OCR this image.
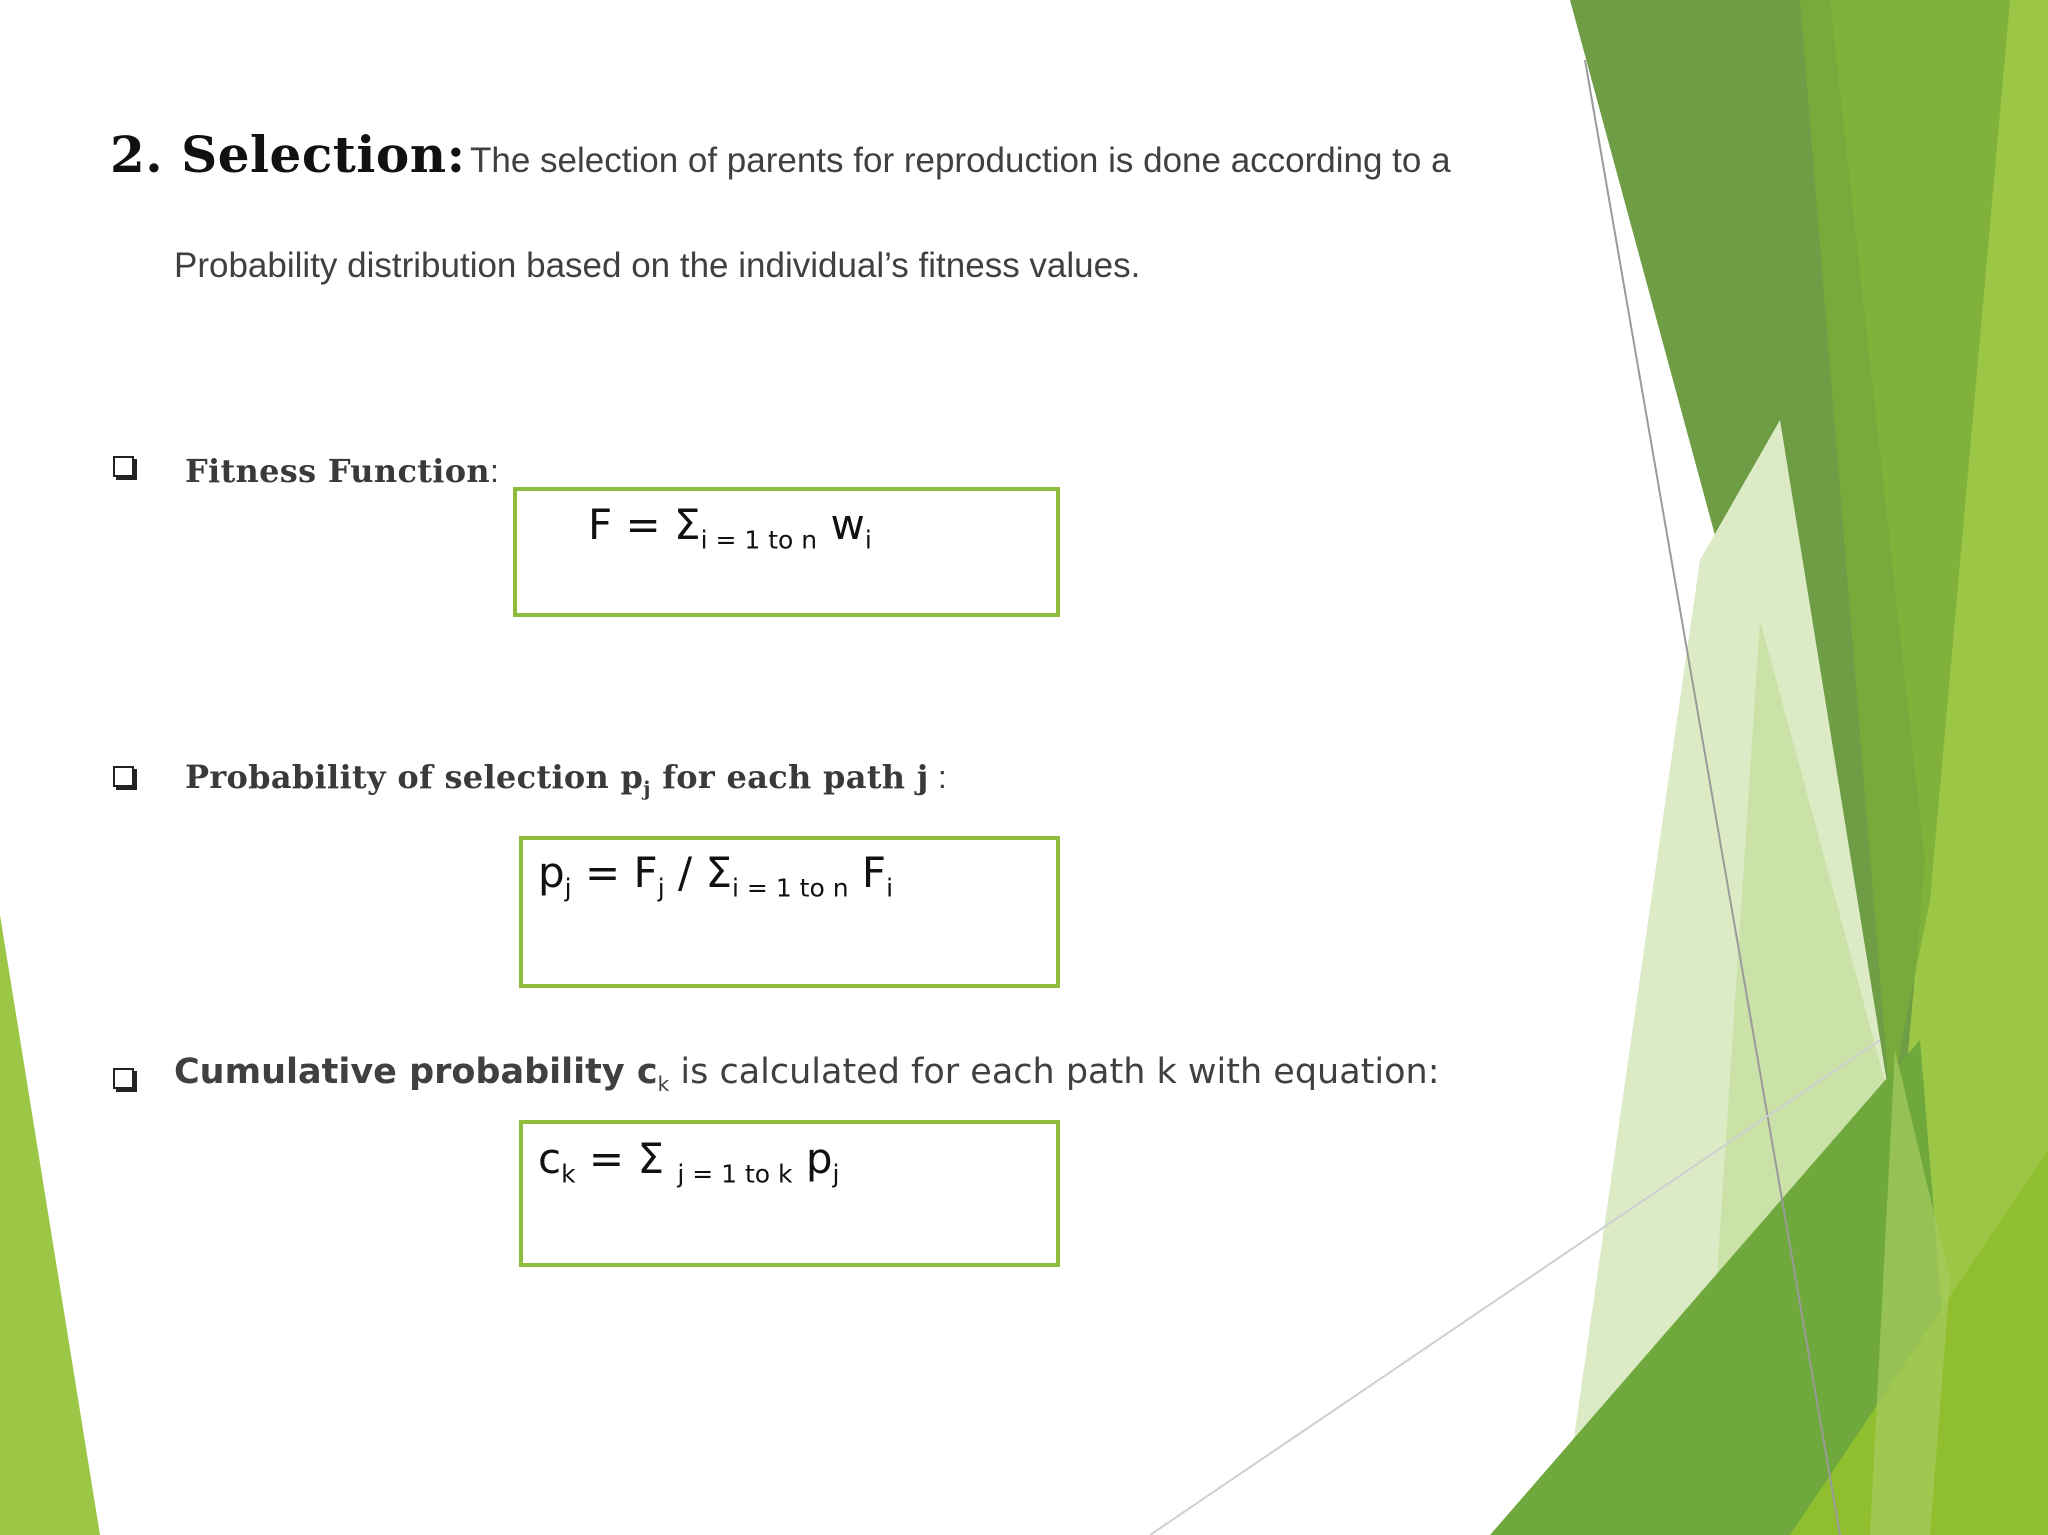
2. Selection: The selection of parents for reproduction is done according to a
Probability distribution based on the individual’s fitness values.
Fitness Function:
$F = \Sigma_{i = 1 to n}$ $w_i$
Probability of selection $p_j$ for each path j :
$p_j = F_j / \Sigma_{i = 1 to n}$ $F_i$
Cumulative probability $c_k$ is calculated for each path k with equation:
$c_k = \Sigma$ $_{j = 1 to k}$ $p_j$
